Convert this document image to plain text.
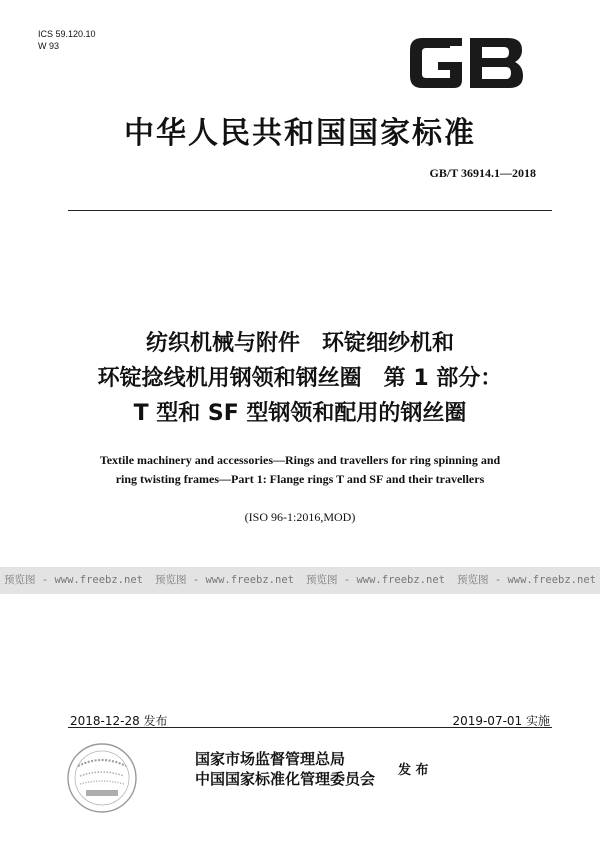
ICS 59.120.10
W 93
中华人民共和国国家标准
GB/T 36914.1—2018
纺织机械与附件　环锭细纱机和
环锭捻线机用钢领和钢丝圈　第 1 部分：
T 型和 SF 型钢领和配用的钢丝圈
Textile machinery and accessories—Rings and travellers for ring spinning and
ring twisting frames—Part 1: Flange rings T and SF and their travellers
(ISO 96-1:2016,MOD)
预览图 - www.freebz.net 预览图 - www.freebz.net 预览图 - www.freebz.net 预览图 - www.freebz.net
2018-12-28 发布	2019-07-01 实施
国家市场监督管理总局
中国国家标准化管理委员会	发 布
